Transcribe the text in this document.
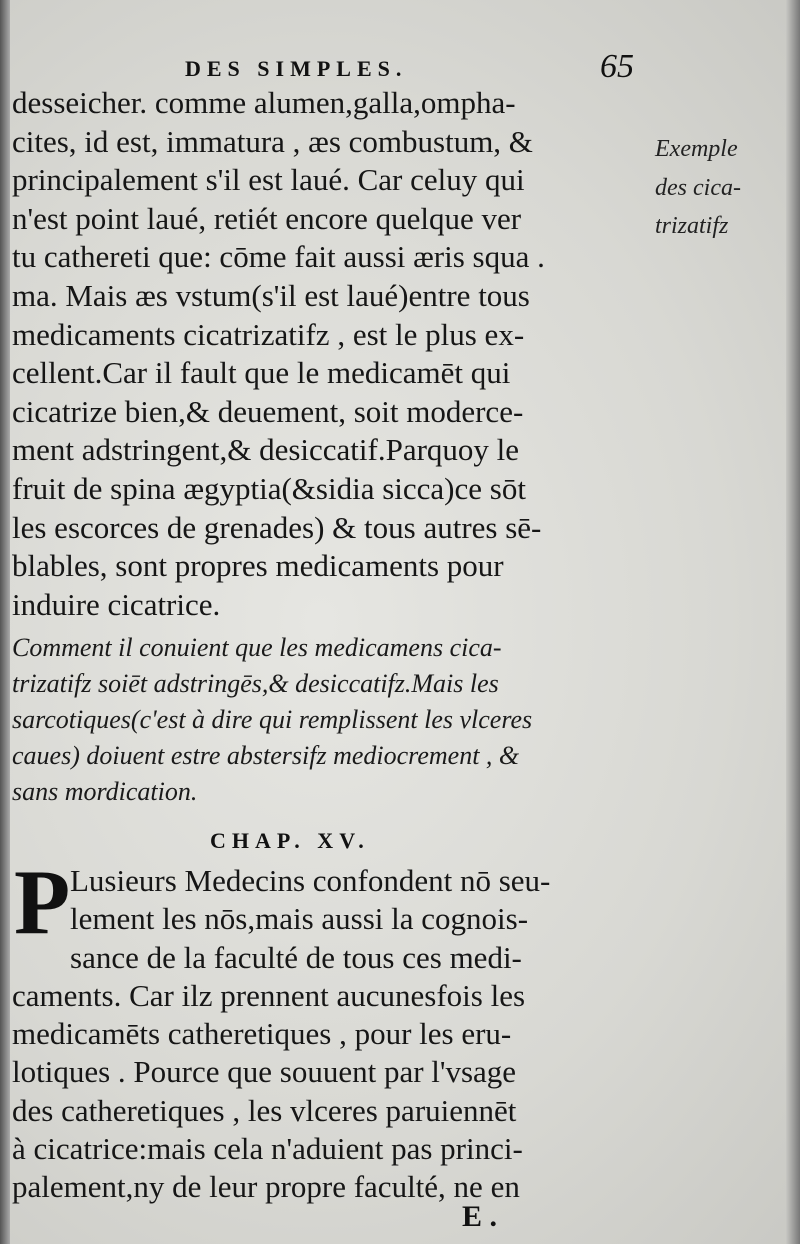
DES SIMPLES.	65
desseicher. comme alumen,galla,ompha-
cites, id est, immatura , æs combustum, &
principalement s'il est laué. Car celuy qui
n'est point laué, retiét encore quelque ver
tu cathereti que: cōme fait aussi æris squa .
ma. Mais æs vstum(s'il est laué)entre tous
medicaments cicatrizatifz , est le plus ex-
cellent.Car il fault que le medicamēt qui
cicatrize bien,& deuement, soit moderce-
ment adstringent,& desiccatif.Parquoy le
fruit de spina ægyptia(&sidia sicca)ce sōt
les escorces de grenades) & tous autres sē-
blables, sont propres medicaments pour
induire cicatrice.
Exemple
des cica-
trizatifz
Comment il conuient que les medicamens cica-
trizatifz soiēt adstringēs,& desiccatifz.Mais les
sarcotiques(c'est à dire qui remplissent les vlceres
caues) doiuent estre abstersifz mediocrement , &
sans mordication.
CHAP. XV.
P Lusieurs Medecins confondent nō seu-
lement les nōs,mais aussi la cognois-
sance de la faculté de tous ces medi-
caments. Car ilz prennent aucunesfois les
medicamēts catheretiques , pour les eru-
lotiques . Pource que souuent par l'vsage
des catheretiques , les vlceres paruiennēt
à cicatrice:mais cela n'aduient pas princi-
palement,ny de leur propre faculté, ne en
E .
